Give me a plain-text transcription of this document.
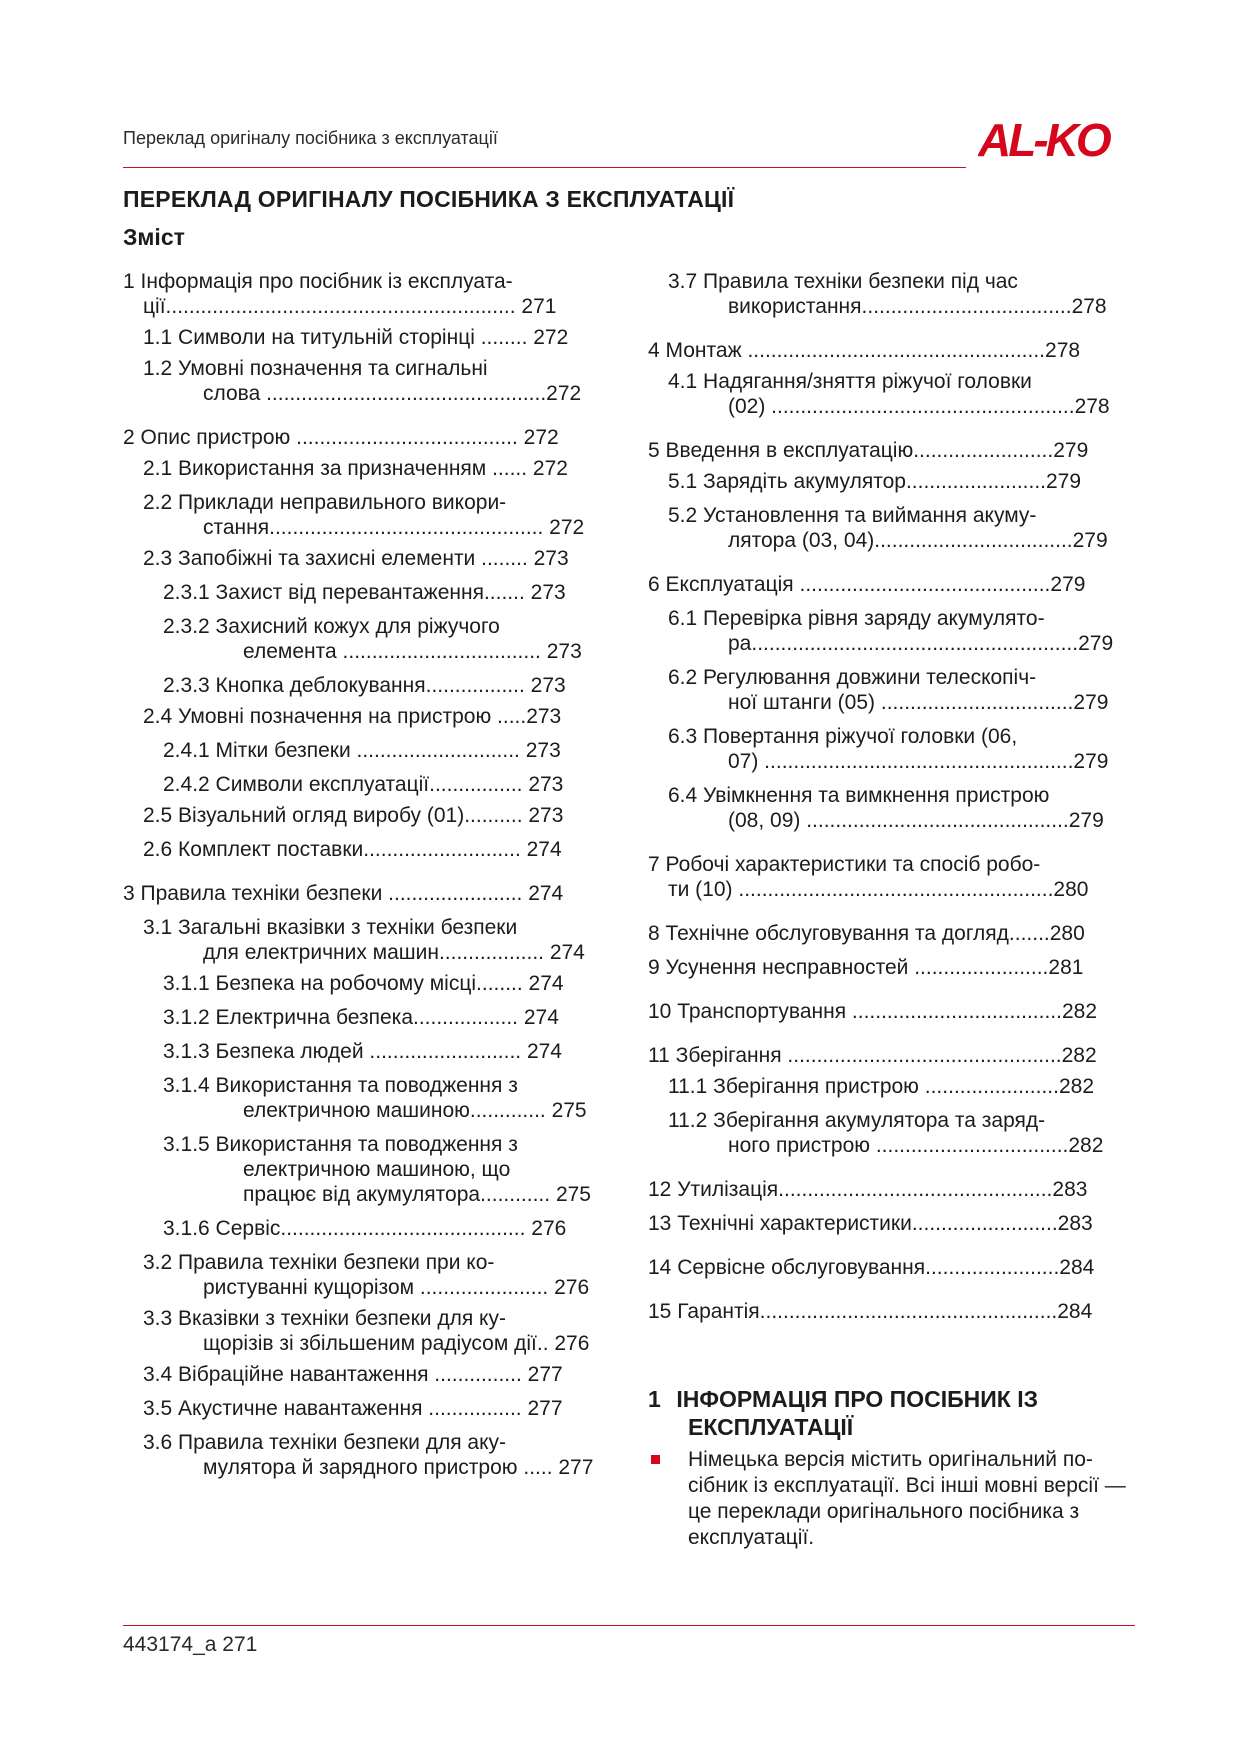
Переклад оригіналу посібника з експлуатації	AL-KO
ПЕРЕКЛАД ОРИГІНАЛУ ПОСІБНИКА З ЕКСПЛУАТАЦІЇ
Зміст
1 Інформація про посібник із експлуата-
ції............................................................ 271
1.1 Символи на титульній сторінці ........ 272
1.2 Умовні позначення та сигнальні
слова ................................................272
2 Опис пристрою ...................................... 272
2.1 Використання за призначенням ...... 272
2.2 Приклади неправильного викори-
стання............................................... 272
2.3 Запобіжні та захисні елементи ........ 273
2.3.1 Захист від перевантаження....... 273
2.3.2 Захисний кожух для ріжучого
елемента .................................. 273
2.3.3 Кнопка деблокування................. 273
2.4 Умовні позначення на пристрою .....273
2.4.1 Мітки безпеки ............................ 273
2.4.2 Символи експлуатації................ 273
2.5 Візуальний огляд виробу (01).......... 273
2.6 Комплект поставки........................... 274
3 Правила техніки безпеки ....................... 274
3.1 Загальні вказівки з техніки безпеки
для електричних машин.................. 274
3.1.1 Безпека на робочому місці........ 274
3.1.2 Електрична безпека.................. 274
3.1.3 Безпека людей .......................... 274
3.1.4 Використання та поводження з
електричною машиною............. 275
3.1.5 Використання та поводження з
електричною машиною, що
працює від акумулятора............ 275
3.1.6 Сервіс.......................................... 276
3.2 Правила техніки безпеки при ко-
ристуванні кущорізом ...................... 276
3.3 Вказівки з техніки безпеки для ку-
щорізів зі збільшеним радіусом дії.. 276
3.4 Вібраційне навантаження ............... 277
3.5 Акустичне навантаження ................ 277
3.6 Правила техніки безпеки для аку-
мулятора й зарядного пристрою ..... 277
3.7 Правила техніки безпеки під час
використання....................................278
4 Монтаж ...................................................278
4.1 Надягання/зняття ріжучої головки
(02) ....................................................278
5 Введення в експлуатацію........................279
5.1 Зарядіть акумулятор........................279
5.2 Установлення та виймання акуму-
лятора (03, 04)..................................279
6 Експлуатація ...........................................279
6.1 Перевірка рівня заряду акумулято-
ра........................................................279
6.2 Регулювання довжини телескопіч-
ної штанги (05) .................................279
6.3 Повертання ріжучої головки (06,
07) .....................................................279
6.4 Увімкнення та вимкнення пристрою
(08, 09) .............................................279
7 Робочі характеристики та спосіб робо-
ти (10) ......................................................280
8 Технічне обслуговування та догляд.......280
9 Усунення несправностей .......................281
10 Транспортування ....................................282
11 Зберігання ...............................................282
11.1 Зберігання пристрою .......................282
11.2 Зберігання акумулятора та заряд-
ного пристрою .................................282
12 Утилізація...............................................283
13 Технічні характеристики.........................283
14 Сервісне обслуговування.......................284
15 Гарантія...................................................284
1 ІНФОРМАЦІЯ ПРО ПОСІБНИК ІЗ
ЕКСПЛУАТАЦІЇ
Німецька версія містить оригінальний по-сібник із експлуатації. Всі інші мовні версії — це переклади оригінального посібника з експлуатації.
443174_a 271
